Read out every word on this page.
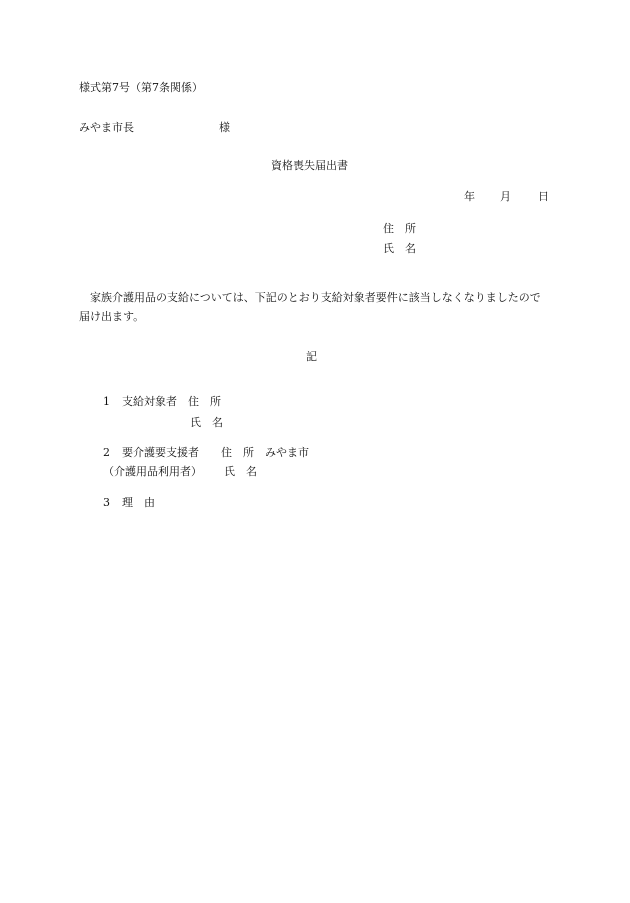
様式第7号（第7条関係）
みやま市長	様
資格喪失届出書
年 月 日
住　所
氏　名
家族介護用品の支給については、下記のとおり支給対象者要件に該当しなくなりましたので届け出ます。
記
1 支給対象者 住　所
氏　名
2 要介護要支援者 住　所 みやま市
（介護用品利用者） 氏　名
3 理　由
